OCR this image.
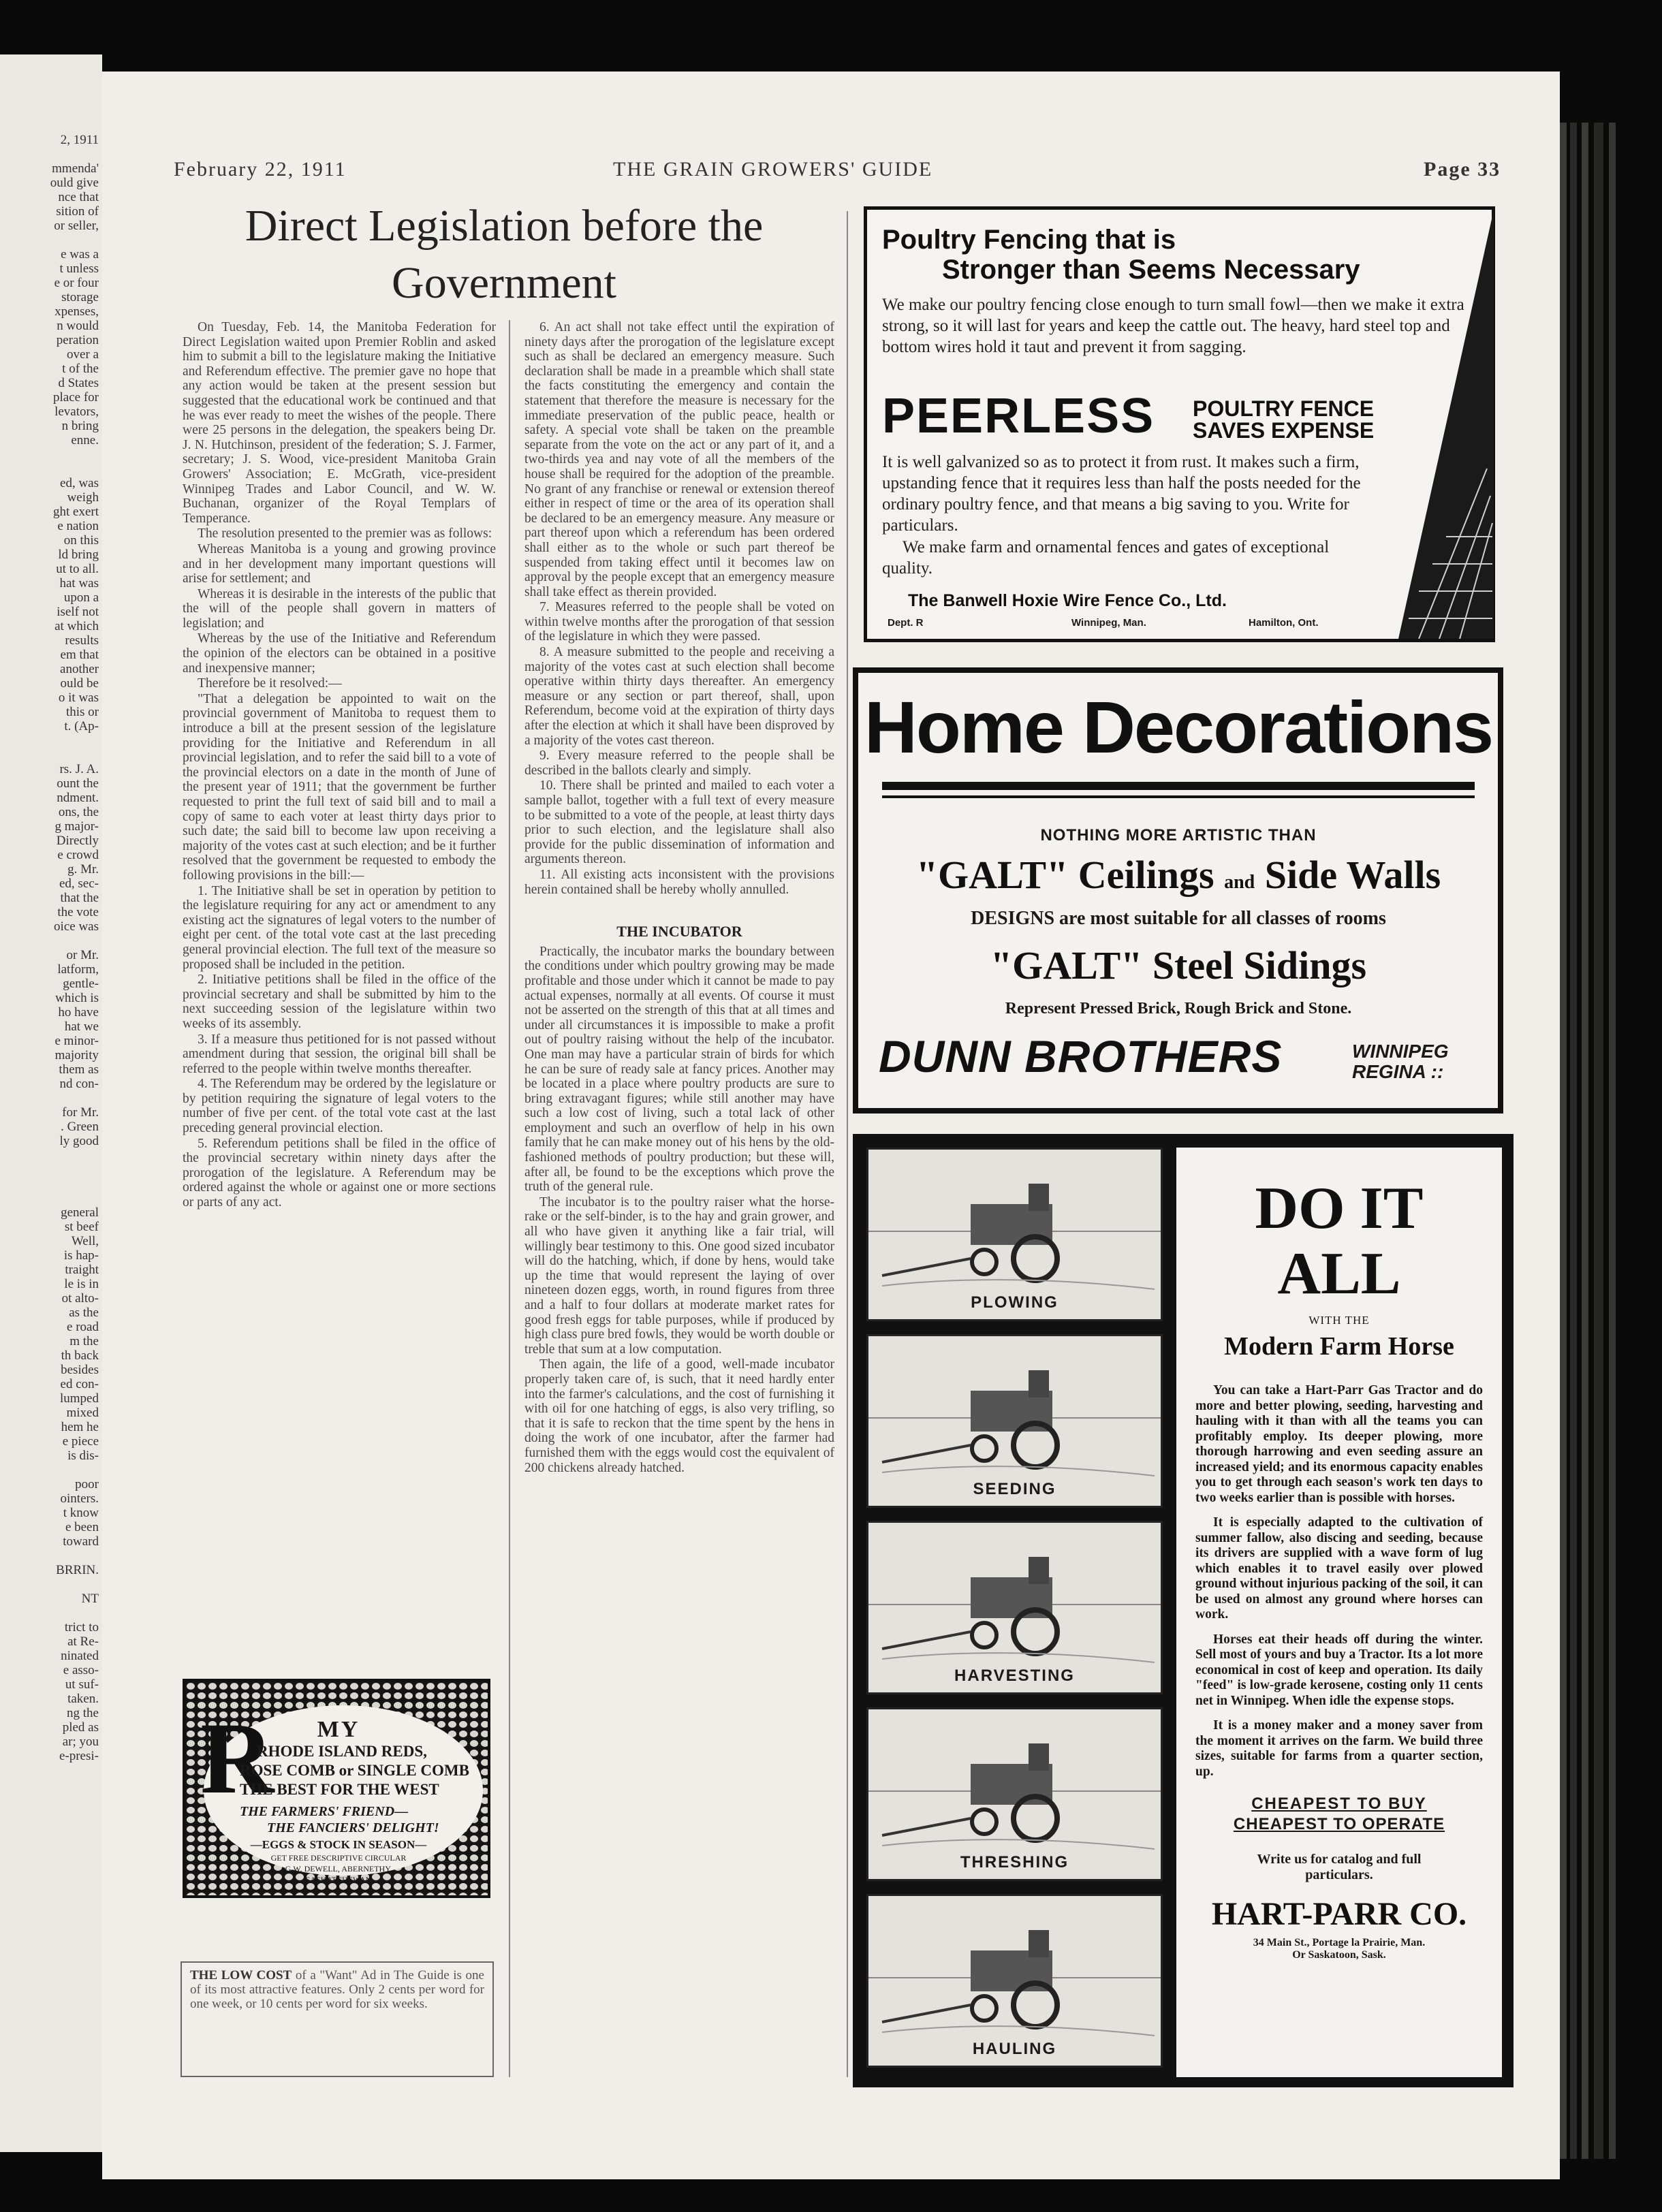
2, 1911

mmenda'
ould give
nce that
sition of
or seller,

e was a
t unless
e or four
storage
xpenses,
n would
peration
over a
t of the
d States
place for
levators,
n bring
enne.

ed, was
weigh
ght exert
e nation
on this
ld bring
ut to all.
hat was
upon a
iself not
at which
results
em that
another
ould be
o it was
this or
t. (Ap-

rs. J. A.
ount the
ndment.
ons, the
g major-
Directly
e crowd
g. Mr.
ed, sec-
that the
the vote
oice was

or Mr.
latform,
gentle-
which is
ho have
hat we
e minor-
majority
them as
nd con-

for Mr.
. Green
ly good

general
st beef
Well,
is hap-
traight
le is in
ot alto-
as the
e road
m the
th back
besides
ed con-
lumped
mixed
hem he
e piece
is dis-

poor
ointers.
t know
e been
toward

BRRIN.

NT

trict to
at Re-
ninated
e asso-
ut suf-
taken.
ng the
pled as
ar; you
e-presi-
February 22, 1911	THE GRAIN GROWERS' GUIDE	Page 33
Direct Legislation before the Government

On Tuesday, Feb. 14, the Manitoba Federation for Direct Legislation waited upon Premier Roblin and asked him to submit a bill to the legislature making the Initiative and Referendum effective. The premier gave no hope that any action would be taken at the present session but suggested that the educational work be continued and that he was ever ready to meet the wishes of the people. There were 25 persons in the delegation, the speakers being Dr. J. N. Hutchinson, president of the federation; S. J. Farmer, secretary; J. S. Wood, vice-president Manitoba Grain Growers' Association; E. McGrath, vice-president Winnipeg Trades and Labor Council, and W. W. Buchanan, organizer of the Royal Templars of Temperance.

The resolution presented to the premier was as follows:

Whereas Manitoba is a young and growing province and in her development many important questions will arise for settlement; and

Whereas it is desirable in the interests of the public that the will of the people shall govern in matters of legislation; and

Whereas by the use of the Initiative and Referendum the opinion of the electors can be obtained in a positive and inexpensive manner;

Therefore be it resolved:—

"That a delegation be appointed to wait on the provincial government of Manitoba to request them to introduce a bill at the present session of the legislature providing for the Initiative and Referendum in all provincial legislation, and to refer the said bill to a vote of the provincial electors on a date in the month of June of the present year of 1911; that the government be further requested to print the full text of said bill and to mail a copy of same to each voter at least thirty days prior to such date; the said bill to become law upon receiving a majority of the votes cast at such election; and be it further resolved that the government be requested to embody the following provisions in the bill:—

1. The Initiative shall be set in operation by petition to the legislature requiring for any act or amendment to any existing act the signatures of legal voters to the number of eight per cent. of the total vote cast at the last preceding general provincial election. The full text of the measure so proposed shall be included in the petition.

2. Initiative petitions shall be filed in the office of the provincial secretary and shall be submitted by him to the next succeeding session of the legislature within two weeks of its assembly.

3. If a measure thus petitioned for is not passed without amendment during that session, the original bill shall be referred to the people within twelve months thereafter.

4. The Referendum may be ordered by the legislature or by petition requiring the signature of legal voters to the number of five per cent. of the total vote cast at the last preceding general provincial election.

5. Referendum petitions shall be filed in the office of the provincial secretary within ninety days after the prorogation of the legislature. A Referendum may be ordered against the whole or against one or more sections or parts of any act.

6. An act shall not take effect until the expiration of ninety days after the prorogation of the legislature except such as shall be declared an emergency measure. Such declaration shall be made in a preamble which shall state the facts constituting the emergency and contain the statement that therefore the measure is necessary for the immediate preservation of the public peace, health or safety. A special vote shall be taken on the preamble separate from the vote on the act or any part of it, and a two-thirds yea and nay vote of all the members of the house shall be required for the adoption of the preamble. No grant of any franchise or renewal or extension thereof either in respect of time or the area of its operation shall be declared to be an emergency measure. Any measure or part thereof upon which a referendum has been ordered shall either as to the whole or such part thereof be suspended from taking effect until it becomes law on approval by the people except that an emergency measure shall take effect as therein provided.

7. Measures referred to the people shall be voted on within twelve months after the prorogation of that session of the legislature in which they were passed.

8. A measure submitted to the people and receiving a majority of the votes cast at such election shall become operative within thirty days thereafter. An emergency measure or any section or part thereof, shall, upon Referendum, become void at the expiration of thirty days after the election at which it shall have been disproved by a majority of the votes cast thereon.

9. Every measure referred to the people shall be described in the ballots clearly and simply.

10. There shall be printed and mailed to each voter a sample ballot, together with a full text of every measure to be submitted to a vote of the people, at least thirty days prior to such election, and the legislature shall also provide for the public dissemination of information and arguments thereon.

11. All existing acts inconsistent with the provisions herein contained shall be hereby wholly annulled.

THE INCUBATOR

Practically, the incubator marks the boundary between the conditions under which poultry growing may be made profitable and those under which it cannot be made to pay actual expenses, normally at all events. Of course it must not be asserted on the strength of this that at all times and under all circumstances it is impossible to make a profit out of poultry raising without the help of the incubator. One man may have a particular strain of birds for which he can be sure of ready sale at fancy prices. Another may be located in a place where poultry products are sure to bring extravagant figures; while still another may have such a low cost of living, such a total lack of other employment and such an overflow of help in his own family that he can make money out of his hens by the old-fashioned methods of poultry production; but these will, after all, be found to be the exceptions which prove the truth of the general rule.

The incubator is to the poultry raiser what the horse-rake or the self-binder, is to the hay and grain grower, and all who have given it anything like a fair trial, will willingly bear testimony to this. One good sized incubator will do the hatching, which, if done by hens, would take up the time that would represent the laying of over nineteen dozen eggs, worth, in round figures from three and a half to four dollars at moderate market rates for good fresh eggs for table purposes, while if produced by high class pure bred fowls, they would be worth double or treble that sum at a low computation.

Then again, the life of a good, well-made incubator properly taken care of, is such, that it need hardly enter into the farmer's calculations, and the cost of furnishing it with oil for one hatching of eggs, is also very trifling, so that it is safe to reckon that the time spent by the hens in doing the work of one incubator, after the farmer had furnished them with the eggs would cost the equivalent of 200 chickens already hatched.

MY
R
RHODE ISLAND REDS,
ROSE COMB or SINGLE COMB
THE BEST FOR THE WEST
THE FARMERS' FRIEND—
THE FANCIERS' DELIGHT!
—EGGS & STOCK IN SEASON—
GET FREE DESCRIPTIVE CIRCULAR
G.W. DEWELL, ABERNETHY,
SASKATCHEWAN
THE LOW COST of a "Want" Ad in The Guide is one of its most attractive features. Only 2 cents per word for one week, or 10 cents per word for six weeks.
Poultry Fencing that is
Stronger than Seems Necessary
We make our poultry fencing close enough to turn small fowl—then we make it extra strong, so it will last for years and keep the cattle out. The heavy, hard steel top and bottom wires hold it taut and prevent it from sagging.
PEERLESS POULTRY FENCE
SAVES EXPENSE
It is well galvanized so as to protect it from rust. It makes such a firm, upstanding fence that it requires less than half the posts needed for the ordinary poultry fence, and that means a big saving to you. Write for particulars.
We make farm and ornamental fences and gates of exceptional quality.
The Banwell Hoxie Wire Fence Co., Ltd.
Dept. R	Winnipeg, Man.	Hamilton, Ont.
Home Decorations
NOTHING MORE ARTISTIC THAN
"GALT" Ceilings and Side Walls
DESIGNS are most suitable for all classes of rooms
"GALT" Steel Sidings
Represent Pressed Brick, Rough Brick and Stone.
DUNN BROTHERS	WINNIPEG
REGINA ::
PLOWING
SEEDING
HARVESTING
THRESHING
HAULING
DO IT ALL
WITH THE
Modern Farm Horse
You can take a Hart-Parr Gas Tractor and do more and better plowing, seeding, harvesting and hauling with it than with all the teams you can profitably employ. Its deeper plowing, more thorough harrowing and even seeding assure an increased yield; and its enormous capacity enables you to get through each season's work ten days to two weeks earlier than is possible with horses.
It is especially adapted to the cultivation of summer fallow, also discing and seeding, because its drivers are supplied with a wave form of lug which enables it to travel easily over plowed ground without injurious packing of the soil, it can be used on almost any ground where horses can work.
Horses eat their heads off during the winter. Sell most of yours and buy a Tractor. Its a lot more economical in cost of keep and operation. Its daily "feed" is low-grade kerosene, costing only 11 cents net in Winnipeg. When idle the expense stops.
It is a money maker and a money saver from the moment it arrives on the farm. We build three sizes, suitable for farms from a quarter section, up.
CHEAPEST TO BUY
CHEAPEST TO OPERATE
Write us for catalog and full particulars.
HART-PARR CO.
34 Main St., Portage la Prairie, Man.
Or Saskatoon, Sask.
